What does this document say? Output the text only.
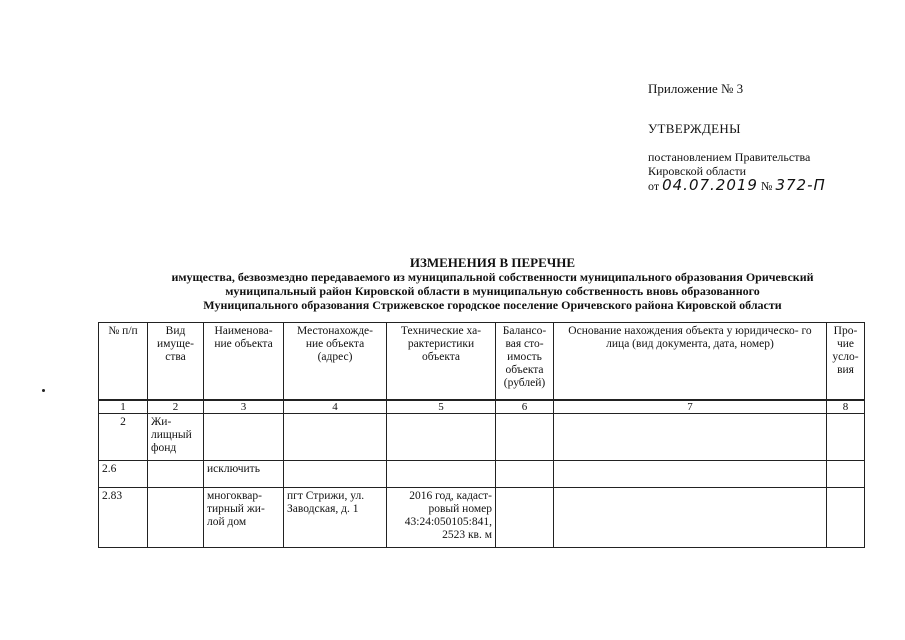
Приложение № 3
УТВЕРЖДЕНЫ
постановлением Правительства
Кировской области
от 04.07.2019 № 372-П
ИЗМЕНЕНИЯ В ПЕРЕЧНЕ
имущества, безвозмездно передаваемого из муниципальной собственности муниципального образования Оричевский
муниципальный район Кировской области в муниципальную собственность вновь образованного
Муниципального образования Стрижевское городское поселение Оричевского района Кировской области
№ п/п	Вид имуще- ства	Наименова- ние объекта	Местонахожде- ние объекта (адрес)	Технические ха- рактеристики объекта	Балансо- вая сто- имость объекта (рублей)	Основание нахождения объекта у юридическо- го лица (вид документа, дата, номер)	Про- чие усло- вия
1	2	3	4	5	6	7	8
2	Жи- лищный фонд						
2.6		исключить					
2.83		многоквар- тирный жи- лой дом	пгт Стрижи, ул. Заводская, д. 1	2016 год, кадаст- ровый номер 43:24:050105:841, 2523 кв. м			
